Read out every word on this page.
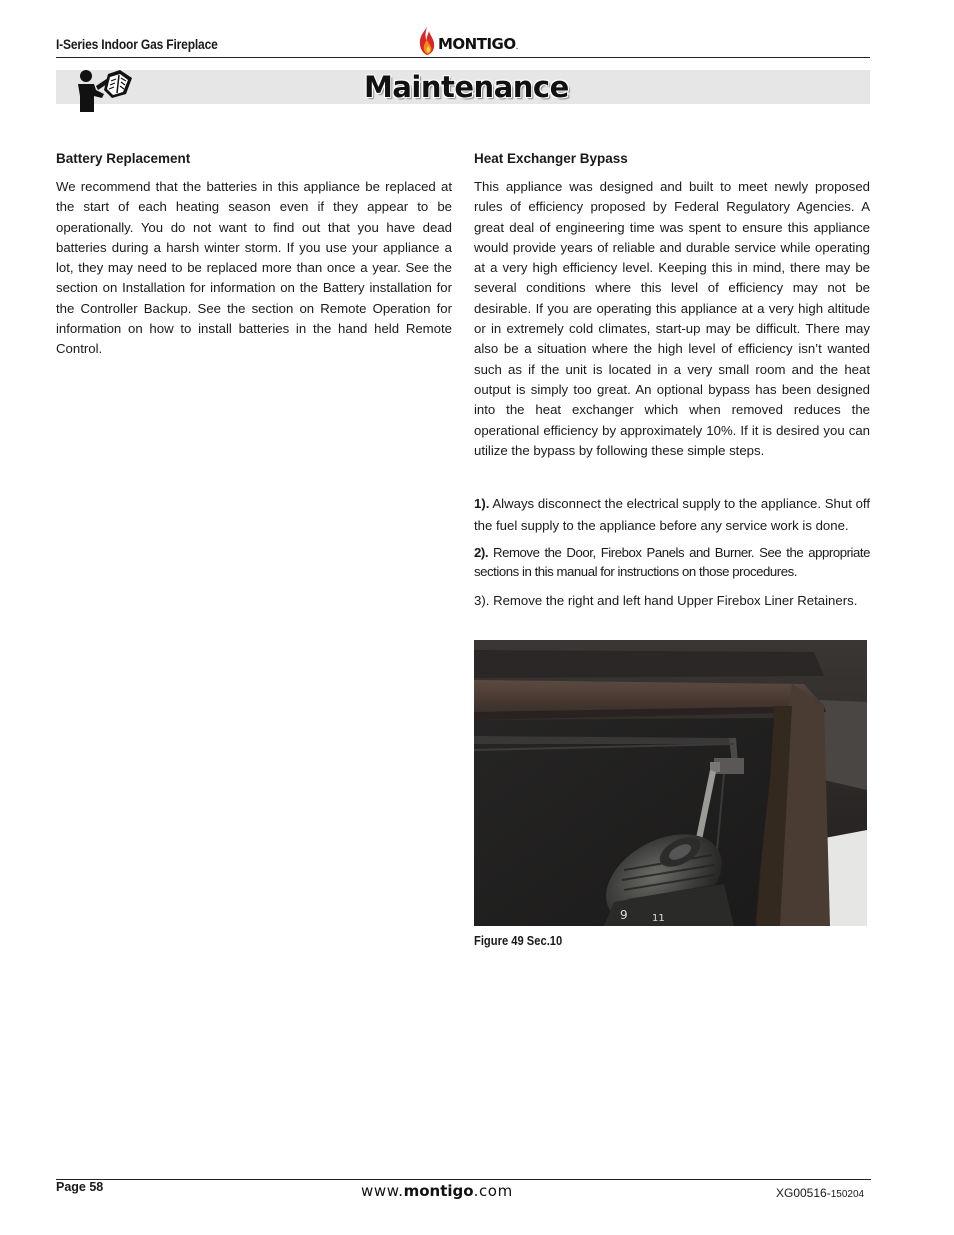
I-Series Indoor Gas Fireplace	MONTIGO .
Maintenance
Battery Replacement

We recommend that the batteries in this appliance be replaced at the start of each heating season even if they appear to be operationally. You do not want to find out that you have dead batteries during a harsh winter storm. If you use your appliance a lot, they may need to be replaced more than once a year. See the section on Installation for information on the Battery installation for the Controller Backup. See the section on Remote Operation for information on how to install batteries in the hand held Remote Control.

Heat Exchanger Bypass

This appliance was designed and built to meet newly proposed rules of efficiency proposed by Federal Regulatory Agencies. A great deal of engineering time was spent to ensure this appliance would provide years of reliable and durable service while operating at a very high efficiency level. Keeping this in mind, there may be several conditions where this level of efficiency may not be desirable. If you are operating this appliance at a very high altitude or in extremely cold climates, start-up may be difficult. There may also be a situation where the high level of efficiency isn’t wanted such as if the unit is located in a very small room and the heat output is simply too great. An optional bypass has been designed into the heat exchanger which when removed reduces the operational efficiency by approximately 10%. If it is desired you can utilize the bypass by following these simple steps.

1). Always disconnect the electrical supply to the appliance. Shut off the fuel supply to the appliance before any service work is done.

2). Remove the Door, Firebox Panels and Burner. See the appropriate sections in this manual for instructions on those procedures.

3). Remove the right and left hand Upper Firebox Liner Retainers.

9 11
Figure 49 Sec.10
Page 58	www.montigo.com	XG00516-150204
